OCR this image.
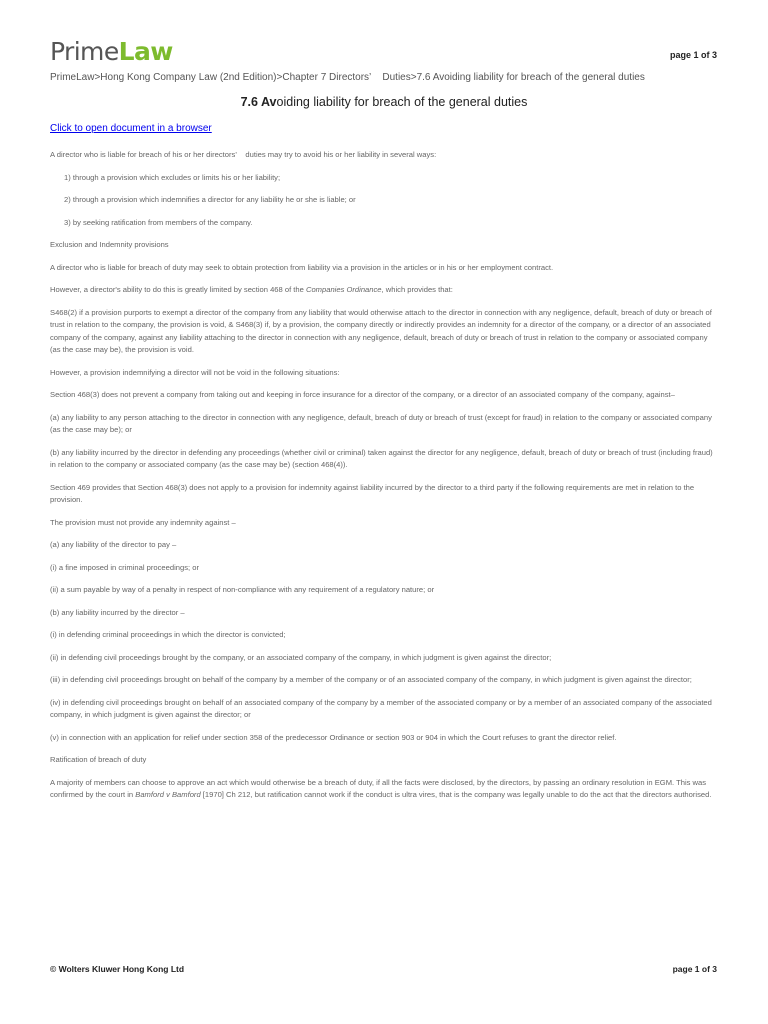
PrimeLaw	page 1 of 3
PrimeLaw>Hong Kong Company Law (2nd Edition)>Chapter 7 Directors’    Duties>7.6 Avoiding liability for breach of the general duties
7.6 Avoiding liability for breach of the general duties
Click to open document in a browser

A director who is liable for breach of his or her directors’    duties may try to avoid his or her liability in several ways:

1) through a provision which excludes or limits his or her liability;

2) through a provision which indemnifies a director for any liability he or she is liable; or

3) by seeking ratification from members of the company.

Exclusion and Indemnity provisions

A director who is liable for breach of duty may seek to obtain protection from liability via a provision in the articles or in his or her employment contract.

However, a director's ability to do this is greatly limited by section 468 of the Companies Ordinance, which provides that:

S468(2) if a provision purports to exempt a director of the company from any liability that would otherwise attach to the director in connection with any negligence, default, breach of duty or breach of trust in relation to the company, the provision is void, & S468(3) if, by a provision, the company directly or indirectly provides an indemnity for a director of the company, or a director of an associated company of the company, against any liability attaching to the director in connection with any negligence, default, breach of duty or breach of trust in relation to the company or associated company (as the case may be), the provision is void.

However, a provision indemnifying a director will not be void in the following situations:

Section 468(3) does not prevent a company from taking out and keeping in force insurance for a director of the company, or a director of an associated company of the company, against–

(a) any liability to any person attaching to the director in connection with any negligence, default, breach of duty or breach of trust (except for fraud) in relation to the company or associated company (as the case may be); or

(b) any liability incurred by the director in defending any proceedings (whether civil or criminal) taken against the director for any negligence, default, breach of duty or breach of trust (including fraud) in relation to the company or associated company (as the case may be) (section 468(4)).

Section 469 provides that Section 468(3) does not apply to a provision for indemnity against liability incurred by the director to a third party if the following requirements are met in relation to the provision.

The provision must not provide any indemnity against –

(a) any liability of the director to pay –

(i) a fine imposed in criminal proceedings; or

(ii) a sum payable by way of a penalty in respect of non-compliance with any requirement of a regulatory nature; or

(b) any liability incurred by the director –

(i) in defending criminal proceedings in which the director is convicted;

(ii) in defending civil proceedings brought by the company, or an associated company of the company, in which judgment is given against the director;

(iii) in defending civil proceedings brought on behalf of the company by a member of the company or of an associated company of the company, in which judgment is given against the director;

(iv) in defending civil proceedings brought on behalf of an associated company of the company by a member of the associated company or by a member of an associated company of the associated company, in which judgment is given against the director; or

(v) in connection with an application for relief under section 358 of the predecessor Ordinance or section 903 or 904 in which the Court refuses to grant the director relief.

Ratification of breach of duty

A majority of members can choose to approve an act which would otherwise be a breach of duty, if all the facts were disclosed, by the directors, by passing an ordinary resolution in EGM. This was confirmed by the court in Bamford v Bamford [1970] Ch 212, but ratification cannot work if the conduct is ultra vires, that is the company was legally unable to do the act that the directors authorised.

© Wolters Kluwer Hong Kong Ltd	page 1 of 3
